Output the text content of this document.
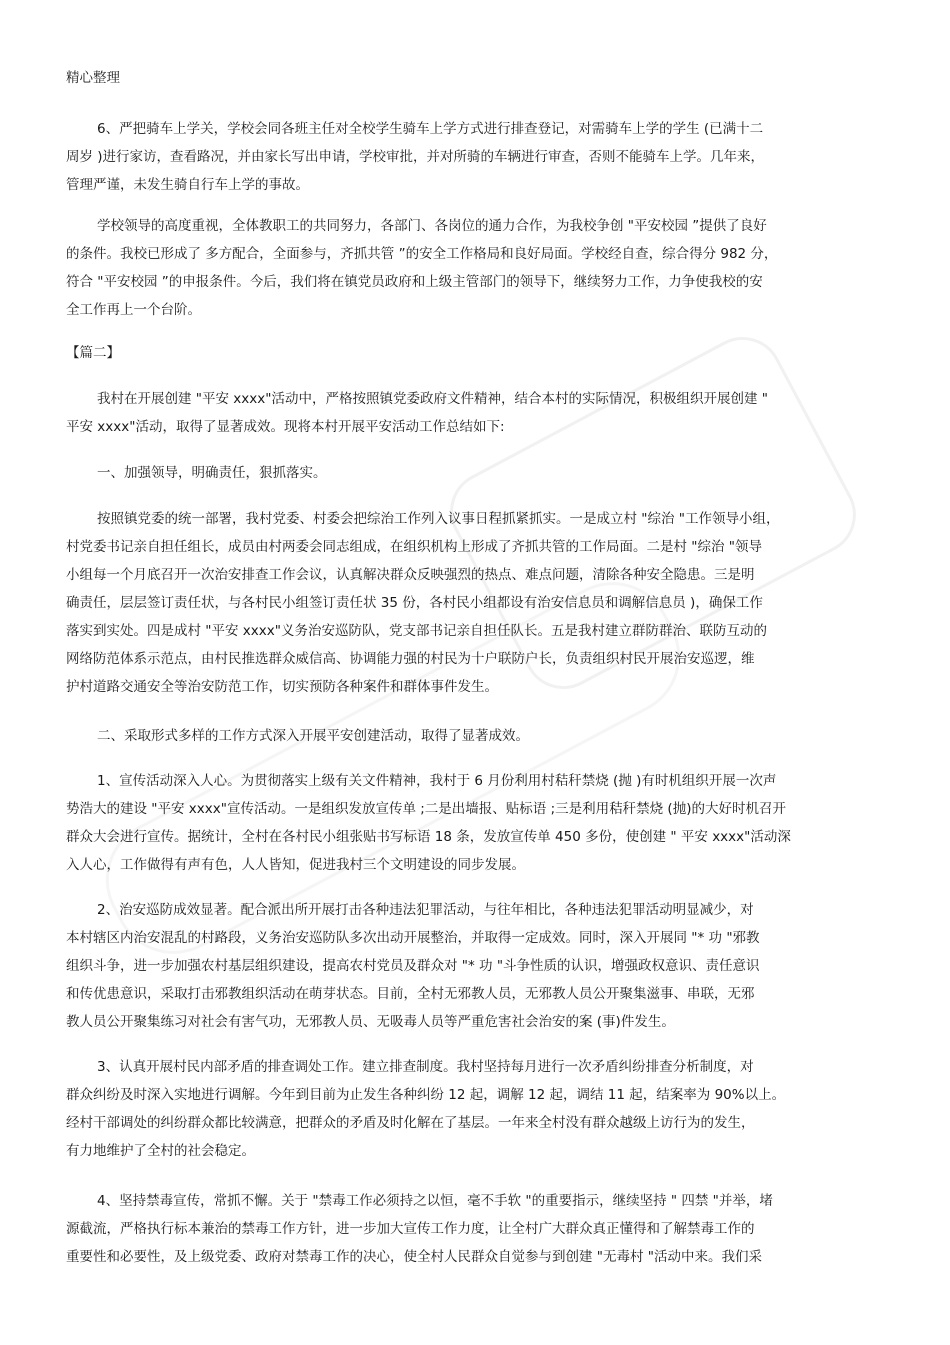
精心整理
6、严把骑车上学关，学校会同各班主任对全校学生骑车上学方式进行排查登记，对需骑车上学的学生 (已满十二
周岁 )进行家访，查看路况，并由家长写出申请，学校审批，并对所骑的车辆进行审查，否则不能骑车上学。几年来，
管理严谨，未发生骑自行车上学的事故。
学校领导的高度重视，全体教职工的共同努力，各部门、各岗位的通力合作，为我校争创 "平安校园 ”提供了良好
的条件。我校已形成了 多方配合，全面参与，齐抓共管 ”的安全工作格局和良好局面。学校经自查，综合得分 982 分，
符合 "平安校园 ”的申报条件。今后，我们将在镇党员政府和上级主管部门的领导下，继续努力工作，力争使我校的安
全工作再上一个台阶。
【篇二】
我村在开展创建 "平安 xxxx"活动中，严格按照镇党委政府文件精神，结合本村的实际情况，积极组织开展创建 "
平安 xxxx"活动，取得了显著成效。现将本村开展平安活动工作总结如下:
一、加强领导，明确责任，狠抓落实。
按照镇党委的统一部署，我村党委、村委会把综治工作列入议事日程抓紧抓实。一是成立村 "综治 "工作领导小组，
村党委书记亲自担任组长，成员由村两委会同志组成，在组织机构上形成了齐抓共管的工作局面。二是村 "综治 "领导
小组每一个月底召开一次治安排查工作会议，认真解决群众反映强烈的热点、难点问题，清除各种安全隐患。三是明
确责任，层层签订责任状，与各村民小组签订责任状 35 份，各村民小组都设有治安信息员和调解信息员 )，确保工作
落实到实处。四是成村 "平安 xxxx"义务治安巡防队，党支部书记亲自担任队长。五是我村建立群防群治、联防互动的
网络防范体系示范点，由村民推选群众威信高、协调能力强的村民为十户联防户长，负责组织村民开展治安巡逻，维
护村道路交通安全等治安防范工作，切实预防各种案件和群体事件发生。
二、采取形式多样的工作方式深入开展平安创建活动，取得了显著成效。
1、宣传活动深入人心。为贯彻落实上级有关文件精神，我村于 6 月份利用村秸秆禁烧 (抛 )有时机组织开展一次声
势浩大的建设 "平安 xxxx"宣传活动。一是组织发放宣传单 ;二是出墙报、贴标语 ;三是利用秸秆禁烧 (抛)的大好时机召开
群众大会进行宣传。据统计，全村在各村民小组张贴书写标语 18 条，发放宣传单 450 多份，使创建 " 平安 xxxx"活动深
入人心，工作做得有声有色，人人皆知，促进我村三个文明建设的同步发展。
2、治安巡防成效显著。配合派出所开展打击各种违法犯罪活动，与往年相比，各种违法犯罪活动明显减少，对
本村辖区内治安混乱的村路段，义务治安巡防队多次出动开展整治，并取得一定成效。同时，深入开展同 "* 功 "邪教
组织斗争，进一步加强农村基层组织建设，提高农村党员及群众对 "* 功 "斗争性质的认识，增强政权意识、责任意识
和传优患意识，采取打击邪教组织活动在萌芽状态。目前，全村无邪教人员，无邪教人员公开聚集滋事、串联，无邪
教人员公开聚集练习对社会有害气功，无邪教人员、无吸毒人员等严重危害社会治安的案 (事)件发生。
3、认真开展村民内部矛盾的排查调处工作。建立排查制度。我村坚持每月进行一次矛盾纠纷排查分析制度，对
群众纠纷及时深入实地进行调解。今年到目前为止发生各种纠纷 12 起，调解 12 起，调结 11 起，结案率为 90%以上。
经村干部调处的纠纷群众都比较满意，把群众的矛盾及时化解在了基层。一年来全村没有群众越级上访行为的发生，
有力地维护了全村的社会稳定。
4、坚持禁毒宣传，常抓不懈。关于 "禁毒工作必须持之以恒，毫不手软 "的重要指示，继续坚持 " 四禁 "并举，堵
源截流，严格执行标本兼治的禁毒工作方针，进一步加大宣传工作力度，让全村广大群众真正懂得和了解禁毒工作的
重要性和必要性，及上级党委、政府对禁毒工作的决心，使全村人民群众自觉参与到创建 "无毒村 "活动中来。我们采
